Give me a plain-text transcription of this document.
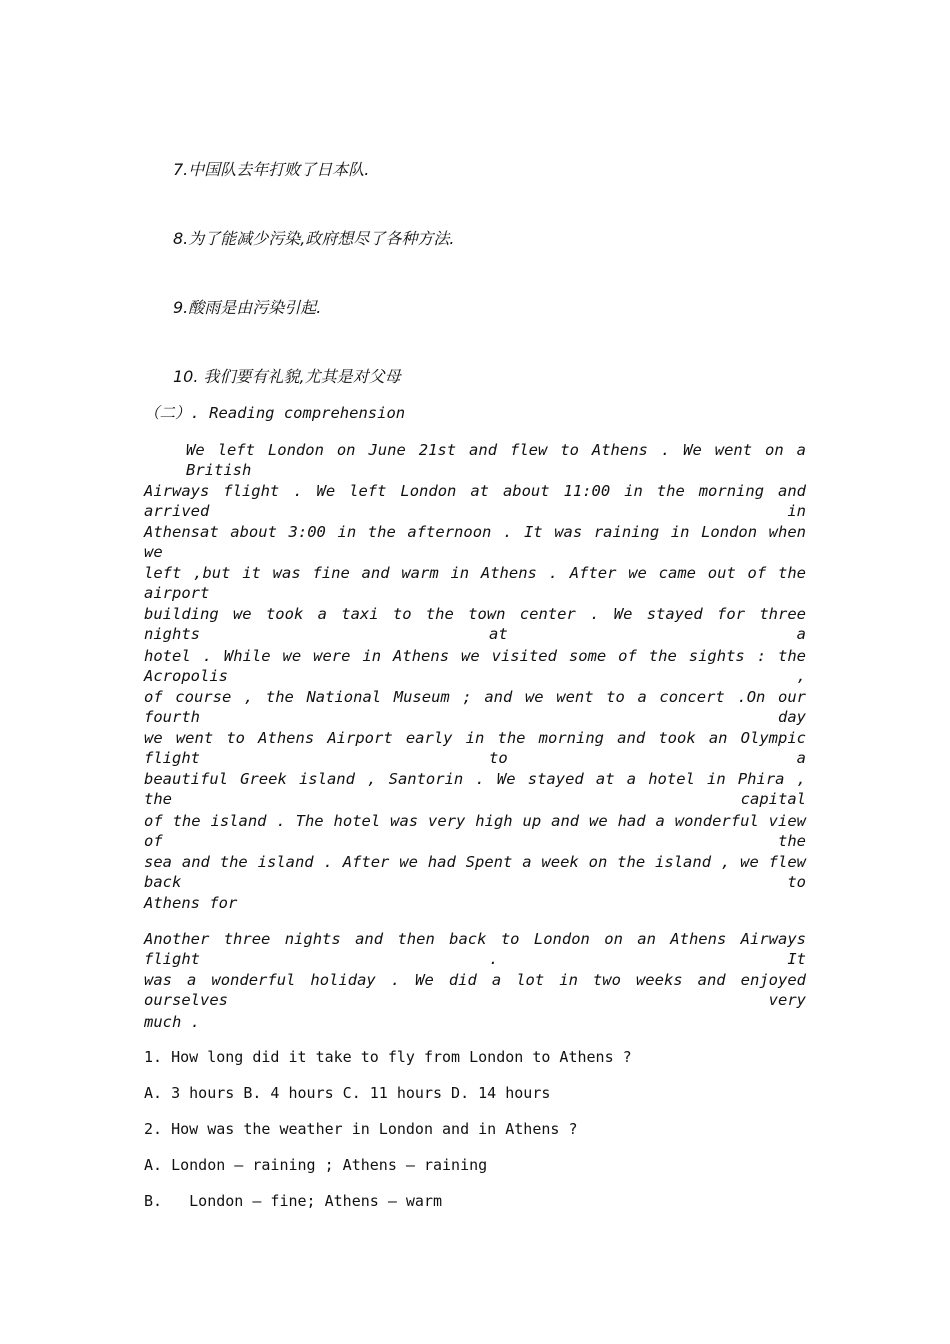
7.中国队去年打败了日本队.
8.为了能减少污染,政府想尽了各种方法.
9.酸雨是由污染引起.
10. 我们要有礼貌,尤其是对父母
（二）. Reading comprehension
We left London on June 21st and flew to Athens . We went on a British
Airways flight . We left London at about 11:00 in the morning and arrived in
Athensat about 3:00 in the afternoon . It was raining in London when we
left ,but it was fine and warm in Athens . After we came out of the airport
building we took a taxi to the town center . We stayed for three nights at a
hotel . While we were in Athens we visited some of the sights : the Acropolis ,
of course , the National Museum ; and we went to a concert .On our fourth day
we went to Athens Airport early in the morning and took an Olympic flight to a
beautiful Greek island , Santorin . We stayed at a hotel in Phira , the capital
of the island . The hotel was very high up and we had a wonderful view of the
sea and the island . After we had Spent a week on the island , we flew back to
Athens for
Another three nights and then back to London on an Athens Airways flight . It
was a wonderful holiday . We did a lot in two weeks and enjoyed ourselves very
much .
1. How long did it take to fly from London to Athens ?
A. 3 hours B. 4 hours C. 11 hours D. 14 hours
2. How was the weather in London and in Athens ?
A. London — raining ; Athens — raining
B.   London — fine; Athens — warm
